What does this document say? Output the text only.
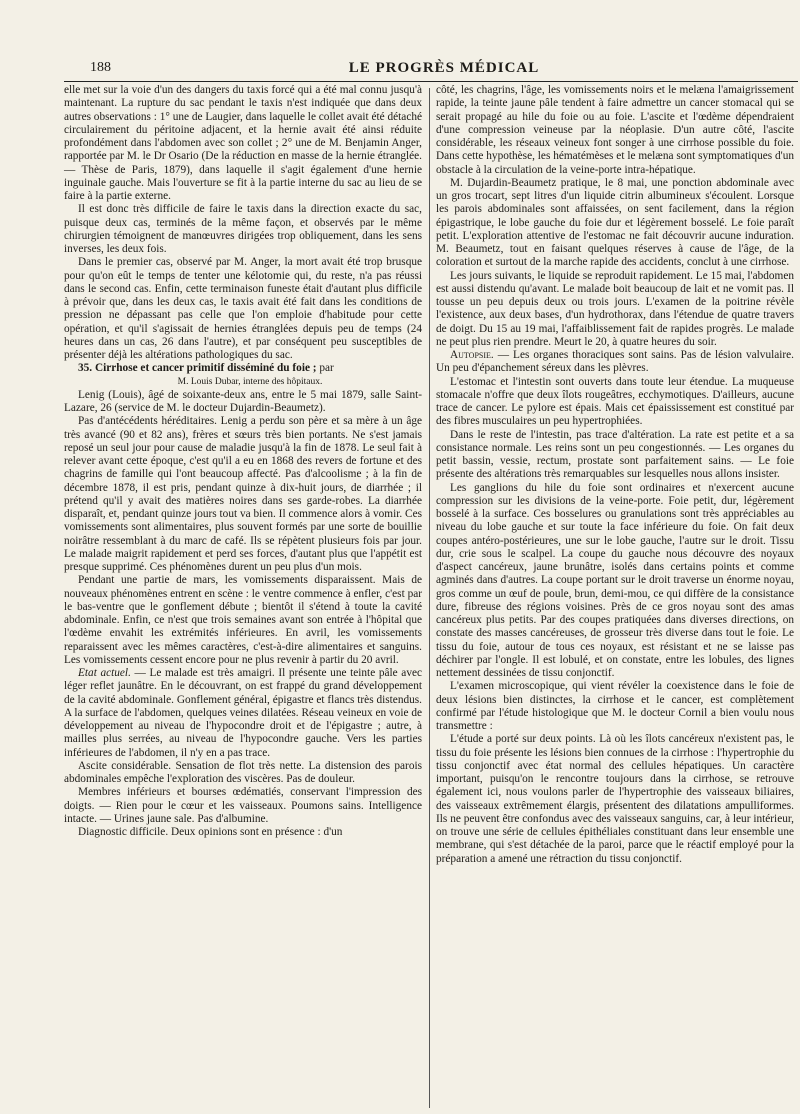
188	LE PROGRÈS MÉDICAL

elle met sur la voie d'un des dangers du taxis forcé qui a été mal connu jusqu'à maintenant. La rupture du sac pendant le taxis n'est indiquée que dans deux autres observations : 1° une de Laugier, dans laquelle le collet avait été détaché circulairement du péritoine adjacent, et la hernie avait été ainsi réduite profondément dans l'abdomen avec son collet ; 2° une de M. Benjamin Anger, rapportée par M. le Dr Osario (De la réduction en masse de la hernie étranglée. — Thèse de Paris, 1879), dans laquelle il s'agit également d'une hernie inguinale gauche. Mais l'ouverture se fit à la partie interne du sac au lieu de se faire à la partie externe.

Il est donc très difficile de faire le taxis dans la direction exacte du sac, puisque deux cas, terminés de la même façon, et observés par le même chirurgien témoignent de manœuvres dirigées trop obliquement, dans les sens inverses, les deux fois.

Dans le premier cas, observé par M. Anger, la mort avait été trop brusque pour qu'on eût le temps de tenter une kélotomie qui, du reste, n'a pas réussi dans le second cas. Enfin, cette terminaison funeste était d'autant plus difficile à prévoir que, dans les deux cas, le taxis avait été fait dans les conditions de pression ne dépassant pas celle que l'on emploie d'habitude pour cette opération, et qu'il s'agissait de hernies étranglées depuis peu de temps (24 heures dans un cas, 26 dans l'autre), et par conséquent peu susceptibles de présenter déjà les altérations pathologiques du sac.

35. Cirrhose et cancer primitif disséminé du foie ; par

M. Louis Dubar, interne des hôpitaux.

Lenig (Louis), âgé de soixante-deux ans, entre le 5 mai 1879, salle Saint-Lazare, 26 (service de M. le docteur Dujardin-Beaumetz).

Pas d'antécédents héréditaires. Lenig a perdu son père et sa mère à un âge très avancé (90 et 82 ans), frères et sœurs très bien portants. Ne s'est jamais reposé un seul jour pour cause de maladie jusqu'à la fin de 1878. Le seul fait à relever avant cette époque, c'est qu'il a eu en 1868 des revers de fortune et des chagrins de famille qui l'ont beaucoup affecté. Pas d'alcoolisme ; à la fin de décembre 1878, il est pris, pendant quinze à dix-huit jours, de diarrhée ; il prétend qu'il y avait des matières noires dans ses garde-robes. La diarrhée disparaît, et, pendant quinze jours tout va bien. Il commence alors à vomir. Ces vomissements sont alimentaires, plus souvent formés par une sorte de bouillie noirâtre ressemblant à du marc de café. Ils se répètent plusieurs fois par jour. Le malade maigrit rapidement et perd ses forces, d'autant plus que l'appétit est presque supprimé. Ces phénomènes durent un peu plus d'un mois.

Pendant une partie de mars, les vomissements disparaissent. Mais de nouveaux phénomènes entrent en scène : le ventre commence à enfler, c'est par le bas-ventre que le gonflement débute ; bientôt il s'étend à toute la cavité abdominale. Enfin, ce n'est que trois semaines avant son entrée à l'hôpital que l'œdème envahit les extrémités inférieures. En avril, les vomissements reparaissent avec les mêmes caractères, c'est-à-dire alimentaires et sanguins. Les vomissements cessent encore pour ne plus revenir à partir du 20 avril.

Etat actuel. — Le malade est très amaigri. Il présente une teinte pâle avec léger reflet jaunâtre. En le découvrant, on est frappé du grand développement de la cavité abdominale. Gonflement général, épigastre et flancs très distendus. A la surface de l'abdomen, quelques veines dilatées. Réseau veineux en voie de développement au niveau de l'hypocondre droit et de l'épigastre ; autre, à mailles plus serrées, au niveau de l'hypocondre gauche. Vers les parties inférieures de l'abdomen, il n'y en a pas trace.

Ascite considérable. Sensation de flot très nette. La distension des parois abdominales empêche l'exploration des viscères. Pas de douleur.

Membres inférieurs et bourses œdématiés, conservant l'impression des doigts. — Rien pour le cœur et les vaisseaux. Poumons sains. Intelligence intacte. — Urines jaune sale. Pas d'albumine.

Diagnostic difficile. Deux opinions sont en présence : d'un

côté, les chagrins, l'âge, les vomissements noirs et le melæna l'amaigrissement rapide, la teinte jaune pâle tendent à faire admettre un cancer stomacal qui se serait propagé au hile du foie ou au foie. L'ascite et l'œdème dépendraient d'une compression veineuse par la néoplasie. D'un autre côté, l'ascite considérable, les réseaux veineux font songer à une cirrhose possible du foie. Dans cette hypothèse, les hématémèses et le melæna sont symptomatiques d'un obstacle à la circulation de la veine-porte intra-hépatique.

M. Dujardin-Beaumetz pratique, le 8 mai, une ponction abdominale avec un gros trocart, sept litres d'un liquide citrin albumineux s'écoulent. Lorsque les parois abdominales sont affaissées, on sent facilement, dans la région épigastrique, le lobe gauche du foie dur et légèrement bosselé. Le foie paraît petit. L'exploration attentive de l'estomac ne fait découvrir aucune induration. M. Beaumetz, tout en faisant quelques réserves à cause de l'âge, de la coloration et surtout de la marche rapide des accidents, conclut à une cirrhose.

Les jours suivants, le liquide se reproduit rapidement. Le 15 mai, l'abdomen est aussi distendu qu'avant. Le malade boit beaucoup de lait et ne vomit pas. Il tousse un peu depuis deux ou trois jours. L'examen de la poitrine révèle l'existence, aux deux bases, d'un hydrothorax, dans l'étendue de quatre travers de doigt. Du 15 au 19 mai, l'affaiblissement fait de rapides progrès. Le malade ne peut plus rien prendre. Meurt le 20, à quatre heures du soir.

Autopsie. — Les organes thoraciques sont sains. Pas de lésion valvulaire. Un peu d'épanchement séreux dans les plèvres.

L'estomac et l'intestin sont ouverts dans toute leur étendue. La muqueuse stomacale n'offre que deux îlots rougeâtres, ecchymotiques. D'ailleurs, aucune trace de cancer. Le pylore est épais. Mais cet épaississement est constitué par des fibres musculaires un peu hypertrophiées.

Dans le reste de l'intestin, pas trace d'altération. La rate est petite et a sa consistance normale. Les reins sont un peu congestionnés. — Les organes du petit bassin, vessie, rectum, prostate sont parfaitement sains. — Le foie présente des altérations très remarquables sur lesquelles nous allons insister.

Les ganglions du hile du foie sont ordinaires et n'exercent aucune compression sur les divisions de la veine-porte. Foie petit, dur, légèrement bosselé à la surface. Ces bosselures ou granulations sont très appréciables au niveau du lobe gauche et sur toute la face inférieure du foie. On fait deux coupes antéro-postérieures, une sur le lobe gauche, l'autre sur le droit. Tissu dur, crie sous le scalpel. La coupe du gauche nous découvre des noyaux d'aspect cancéreux, jaune brunâtre, isolés dans certains points et comme agminés dans d'autres. La coupe portant sur le droit traverse un énorme noyau, gros comme un œuf de poule, brun, demi-mou, ce qui diffère de la consistance dure, fibreuse des régions voisines. Près de ce gros noyau sont des amas cancéreux plus petits. Par des coupes pratiquées dans diverses directions, on constate des masses cancéreuses, de grosseur très diverse dans tout le foie. Le tissu du foie, autour de tous ces noyaux, est résistant et ne se laisse pas déchirer par l'ongle. Il est lobulé, et on constate, entre les lobules, des lignes nettement dessinées de tissu conjonctif.

L'examen microscopique, qui vient révéler la coexistence dans le foie de deux lésions bien distinctes, la cirrhose et le cancer, est complètement confirmé par l'étude histologique que M. le docteur Cornil a bien voulu nous transmettre :

L'étude a porté sur deux points. Là où les îlots cancéreux n'existent pas, le tissu du foie présente les lésions bien connues de la cirrhose : l'hypertrophie du tissu conjonctif avec état normal des cellules hépatiques. Un caractère important, puisqu'on le rencontre toujours dans la cirrhose, se retrouve également ici, nous voulons parler de l'hypertrophie des vaisseaux biliaires, des vaisseaux extrêmement élargis, présentent des dilatations ampulliformes. Ils ne peuvent être confondus avec des vaisseaux sanguins, car, à leur intérieur, on trouve une série de cellules épithéliales constituant dans leur ensemble une membrane, qui s'est détachée de la paroi, parce que le réactif employé pour la préparation a amené une rétraction du tissu conjonctif.
